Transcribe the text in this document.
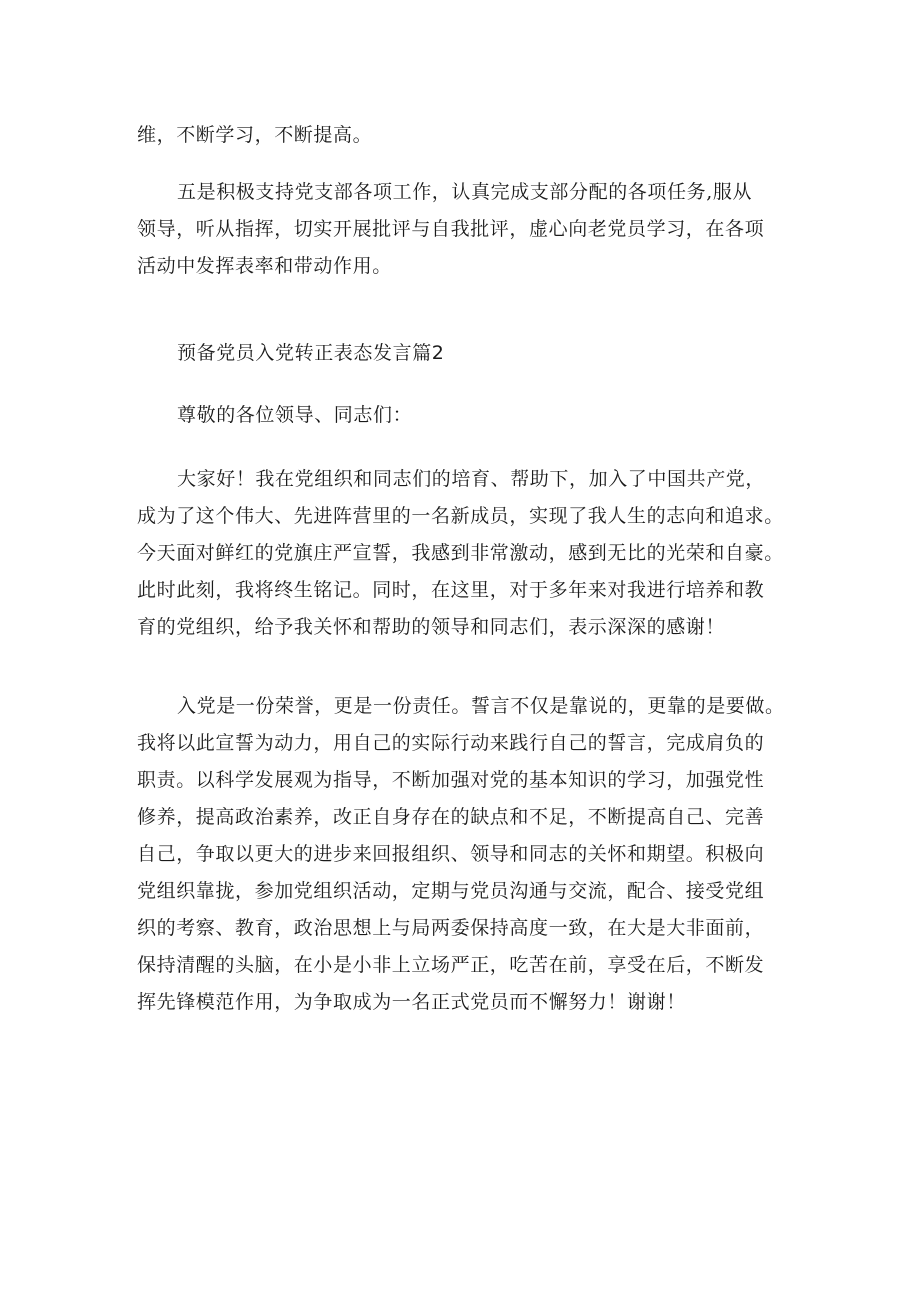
维，不断学习，不断提高。
五是积极支持党支部各项工作，认真完成支部分配的各项任务,服从
领导，听从指挥，切实开展批评与自我批评，虚心向老党员学习，在各项
活动中发挥表率和带动作用。
预备党员入党转正表态发言篇2
尊敬的各位领导、同志们：
大家好！我在党组织和同志们的培育、帮助下，加入了中国共产党，
成为了这个伟大、先进阵营里的一名新成员，实现了我人生的志向和追求。
今天面对鲜红的党旗庄严宣誓，我感到非常激动，感到无比的光荣和自豪。
此时此刻，我将终生铭记。同时，在这里，对于多年来对我进行培养和教
育的党组织，给予我关怀和帮助的领导和同志们，表示深深的感谢！
入党是一份荣誉，更是一份责任。誓言不仅是靠说的，更靠的是要做。
我将以此宣誓为动力，用自己的实际行动来践行自己的誓言，完成肩负的
职责。以科学发展观为指导，不断加强对党的基本知识的学习，加强党性
修养，提高政治素养，改正自身存在的缺点和不足，不断提高自己、完善
自己，争取以更大的进步来回报组织、领导和同志的关怀和期望。积极向
党组织靠拢，参加党组织活动，定期与党员沟通与交流，配合、接受党组
织的考察、教育，政治思想上与局两委保持高度一致，在大是大非面前，
保持清醒的头脑，在小是小非上立场严正，吃苦在前，享受在后，不断发
挥先锋模范作用，为争取成为一名正式党员而不懈努力！谢谢！
